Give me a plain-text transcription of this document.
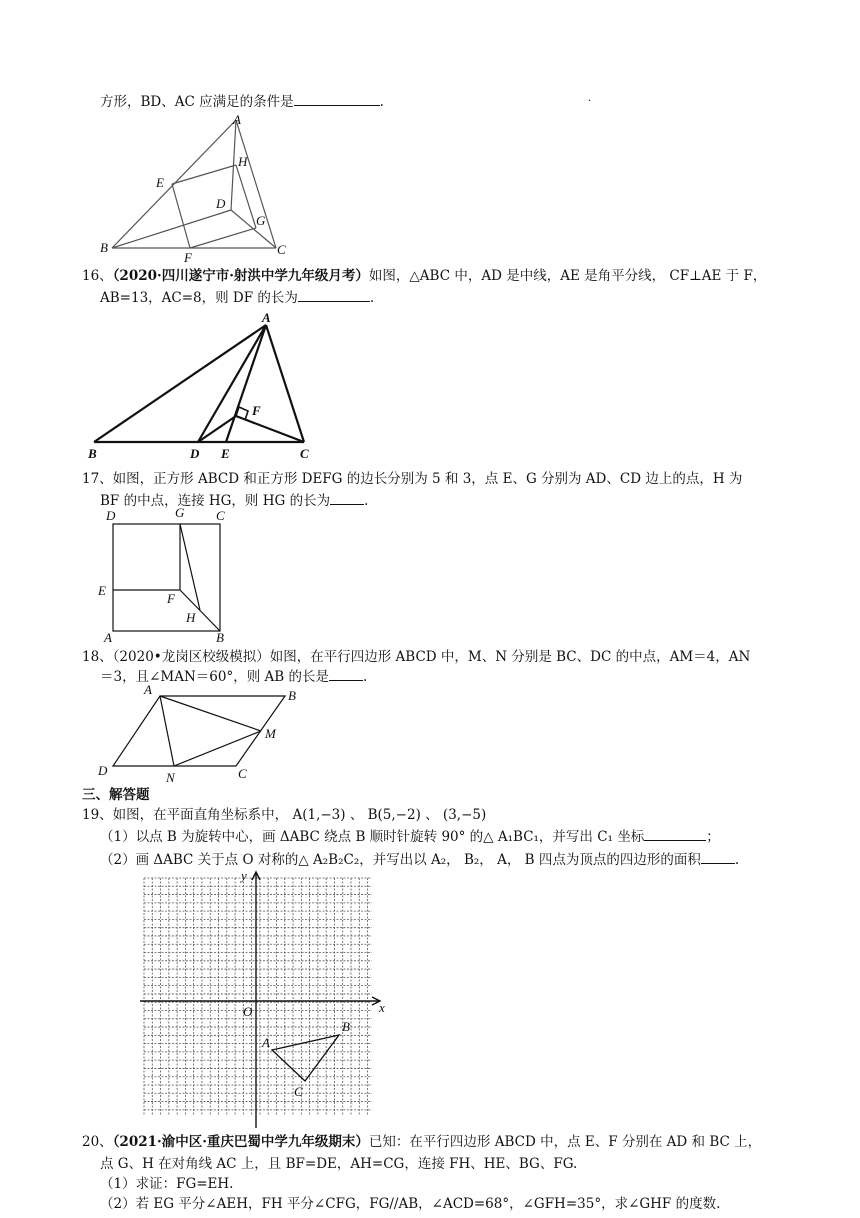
方形，BD、AC 应满足的条件是	.	·
A
H
E
D
G
B
F
C
16、（2020·四川遂宁市·射洪中学九年级月考）如图，△ABC 中，AD 是中线，AE 是角平分线， CF⊥AE 于 F，
AB=13，AC=8，则 DF 的长为	.
A
F
B	D E	C
17、如图，正方形 ABCD 和正方形 DEFG 的边长分别为 5 和 3，点 E、G 分别为 AD、CD 边上的点，H 为
BF 的中点，连接 HG，则 HG 的长为	.
D	G C
E
F
H
A	B
18、（2020•龙岗区校级模拟）如图，在平行四边形 ABCD 中，M、N 分别是 BC、DC 的中点，AM＝4，AN
＝3，且∠MAN＝60°，则 AB 的长是	.
A	B
M
D	N	C
三、解答题
19、如图，在平面直角坐标系中， A(1,−3) 、 B(5,−2) 、 (3,−5)
（1）以点 B 为旋转中心，画 ΔABC 绕点 B 顺时针旋转 90° 的△ A₁BC₁，并写出 C₁ 坐标	；
（2）画 ΔABC 关于点 O 对称的△ A₂B₂C₂，并写出以 A₂， B₂， A， B 四点为顶点的四边形的面积	.
y
x
O
A
B
C
20、（2021·渝中区·重庆巴蜀中学九年级期末）已知：在平行四边形 ABCD 中，点 E、F 分别在 AD 和 BC 上，
点 G、H 在对角线 AC 上，且 BF=DE，AH=CG，连接 FH、HE、BG、FG.
（1）求证：FG=EH.
（2）若 EG 平分∠AEH，FH 平分∠CFG，FG//AB，∠ACD=68°，∠GFH=35°，求∠GHF 的度数.
